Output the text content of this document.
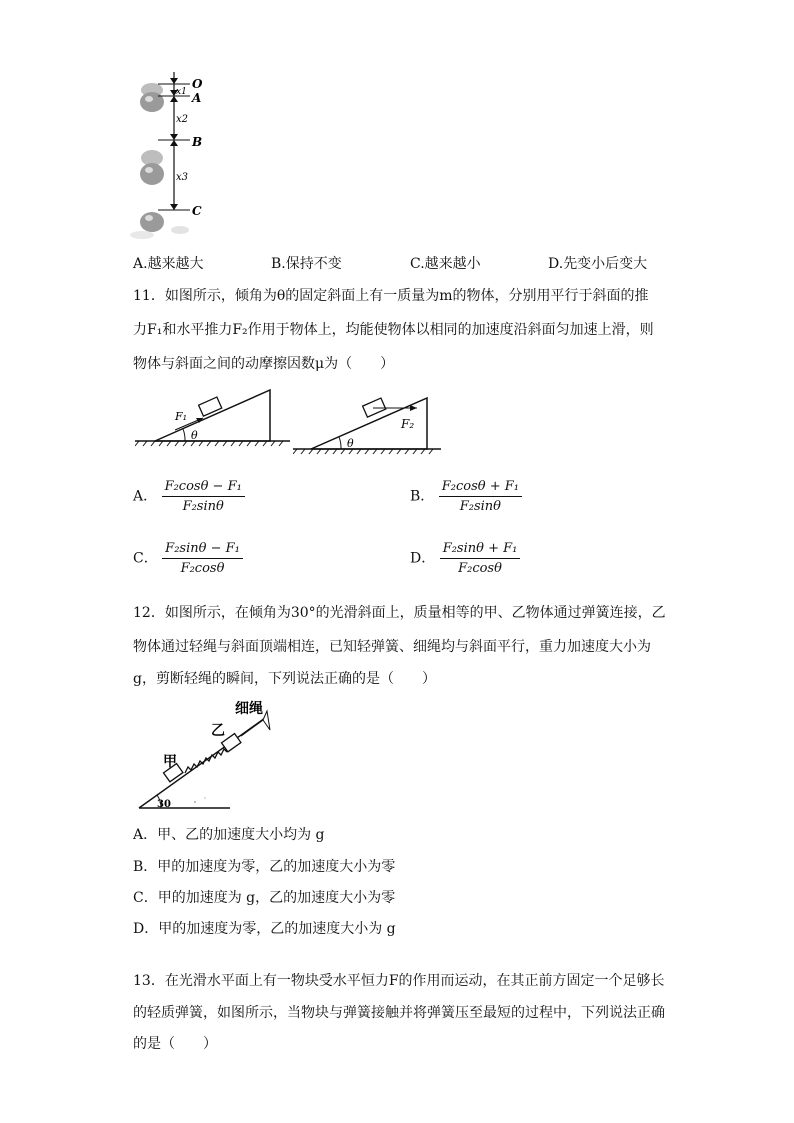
O
A
B
C
x1
x2
x3
A.越来越大	B.保持不变	C.越来越小	D.先变小后变大
11．如图所示，倾角为θ的固定斜面上有一质量为m的物体，分别用平行于斜面的推
力F₁和水平推力F₂作用于物体上，均能使物体以相同的加速度沿斜面匀加速上滑，则
物体与斜面之间的动摩擦因数μ为（　　）
F₁
θ
F₂
θ
A． $\frac{\text{F₂cosθ − F₁}}{\text{F₂sinθ}}$	B． $\frac{\text{F₂cosθ + F₁}}{\text{F₂sinθ}}$
C． $\frac{\text{F₂sinθ − F₁}}{\text{F₂cosθ}}$	D． $\frac{\text{F₂sinθ + F₁}}{\text{F₂cosθ}}$
12．如图所示，在倾角为30°的光滑斜面上，质量相等的甲、乙物体通过弹簧连接，乙
物体通过轻绳与斜面顶端相连，已知轻弹簧、细绳均与斜面平行，重力加速度大小为
g，剪断轻绳的瞬间，下列说法正确的是（　　）
30
细绳
乙
甲
A．甲、乙的加速度大小均为 g
B．甲的加速度为零，乙的加速度大小为零
C．甲的加速度为 g，乙的加速度大小为零
D．甲的加速度为零，乙的加速度大小为 g
13．在光滑水平面上有一物块受水平恒力F的作用而运动，在其正前方固定一个足够长
的轻质弹簧，如图所示，当物块与弹簧接触并将弹簧压至最短的过程中，下列说法正确
的是（　　）
